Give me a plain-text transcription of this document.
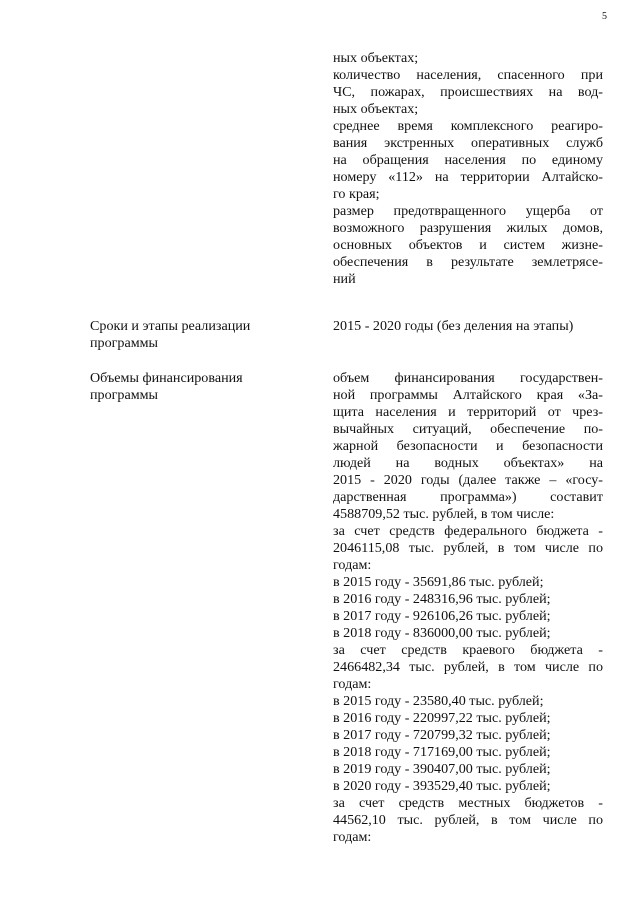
5
ных объектах;
количество населения, спасенного при
ЧС, пожарах, происшествиях на вод-
ных объектах;
среднее время комплексного реагиро-
вания экстренных оперативных служб
на обращения населения по единому
номеру «112» на территории Алтайско-
го края;
размер предотвращенного ущерба от
возможного разрушения жилых домов,
основных объектов и систем жизне-
обеспечения в результате землетрясе-
ний
Сроки и этапы реализации
программы
2015 - 2020 годы (без деления на этапы)
Объемы финансирования
программы
объем финансирования государствен-
ной программы Алтайского края «За-
щита населения и территорий от чрез-
вычайных ситуаций, обеспечение по-
жарной безопасности и безопасности
людей на водных объектах» на
2015 - 2020 годы (далее также – «госу-
дарственная программа») составит
4588709,52 тыс. рублей, в том числе:
за счет средств федерального бюджета -
2046115,08 тыс. рублей, в том числе по
годам:
в 2015 году - 35691,86 тыс. рублей;
в 2016 году - 248316,96 тыс. рублей;
в 2017 году - 926106,26 тыс. рублей;
в 2018 году - 836000,00 тыс. рублей;
за счет средств краевого бюджета -
2466482,34 тыс. рублей, в том числе по
годам:
в 2015 году - 23580,40 тыс. рублей;
в 2016 году - 220997,22 тыс. рублей;
в 2017 году - 720799,32 тыс. рублей;
в 2018 году - 717169,00 тыс. рублей;
в 2019 году - 390407,00 тыс. рублей;
в 2020 году - 393529,40 тыс. рублей;
за счет средств местных бюджетов -
44562,10 тыс. рублей, в том числе по
годам:
